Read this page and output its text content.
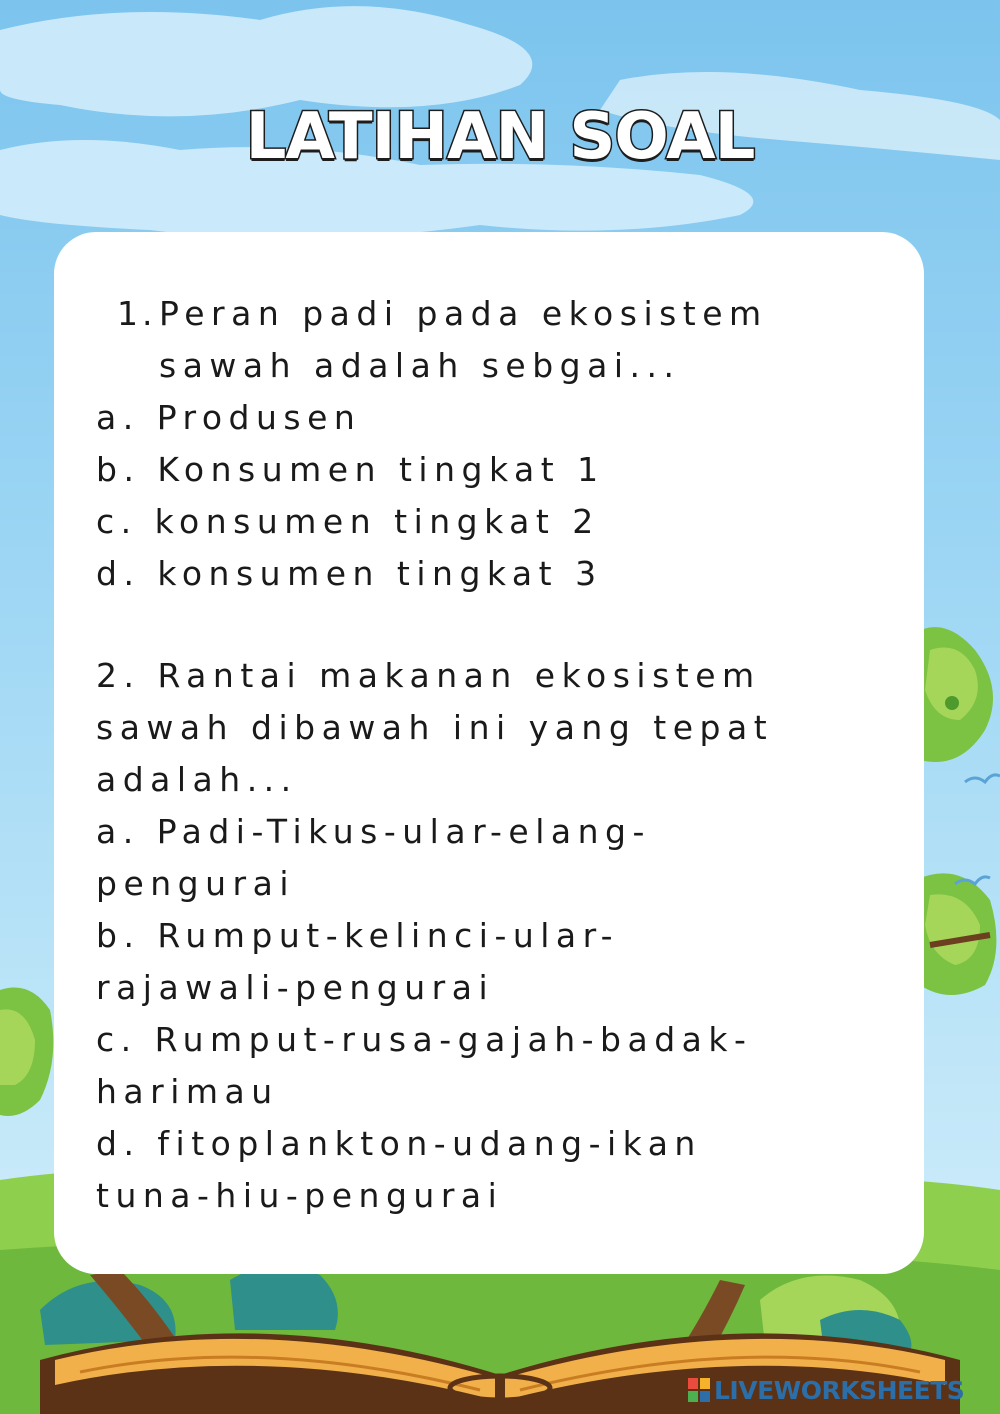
LATIHAN SOAL

1. Peran padi pada ekosistem

sawah adalah sebgai...

a. Produsen

b. Konsumen tingkat 1

c. konsumen tingkat 2

d. konsumen tingkat 3

2. Rantai makanan ekosistem

sawah dibawah ini yang tepat

adalah...

a. Padi-Tikus-ular-elang-

pengurai

b. Rumput-kelinci-ular-

rajawali-pengurai

c. Rumput-rusa-gajah-badak-

harimau

d. fitoplankton-udang-ikan

tuna-hiu-pengurai

LIVEWORKSHEETS
